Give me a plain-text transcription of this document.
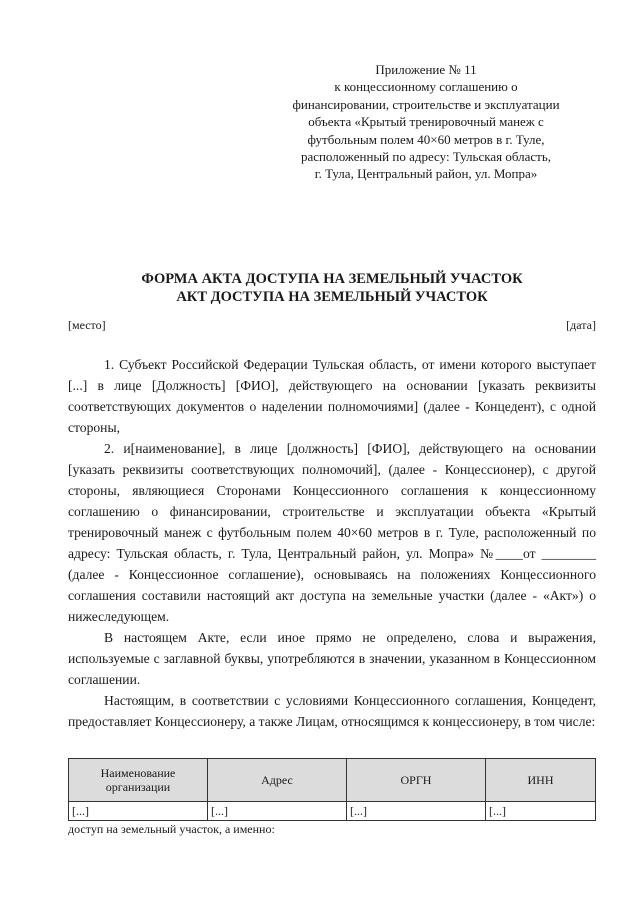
Приложение № 11
к концессионному соглашению о
финансировании, строительстве и эксплуатации
объекта «Крытый тренировочный манеж с
футбольным полем 40×60 метров в г. Туле,
расположенный по адресу: Тульская область,
г. Тула, Центральный район, ул. Мопра»
ФОРМА АКТА ДОСТУПА НА ЗЕМЕЛЬНЫЙ УЧАСТОК
АКТ ДОСТУПА НА ЗЕМЕЛЬНЫЙ УЧАСТОК
[место]	[дата]

1. Субъект Российской Федерации Тульская область, от имени которого выступает [...] в лице [Должность] [ФИО], действующего на основании [указать реквизиты соответствующих документов о наделении полномочиями] (далее - Концедент), с одной стороны,

2. и[наименование], в лице [должность] [ФИО], действующего на основании [указать реквизиты соответствующих полномочий], (далее - Концессионер), с другой стороны, являющиеся Сторонами Концессионного соглашения к концессионному соглашению о финансировании, строительстве и эксплуатации объекта «Крытый тренировочный манеж с футбольным полем 40×60 метров в г. Туле, расположенный по адресу: Тульская область, г. Тула, Центральный район, ул. Мопра» №____от ________ (далее - Концессионное соглашение), основываясь на положениях Концессионного соглашения составили настоящий акт доступа на земельные участки (далее - «Акт») о нижеследующем.

В настоящем Акте, если иное прямо не определено, слова и выражения, используемые с заглавной буквы, употребляются в значении, указанном в Концессионном соглашении.

Настоящим, в соответствии с условиями Концессионного соглашения, Концедент, предоставляет Концессионеру, а также Лицам, относящимся к концессионеру, в том числе:

Наименование организации	Адрес	ОРГН	ИНН
[...]	[...]	[...]	[...]
доступ на земельный участок, а именно:
